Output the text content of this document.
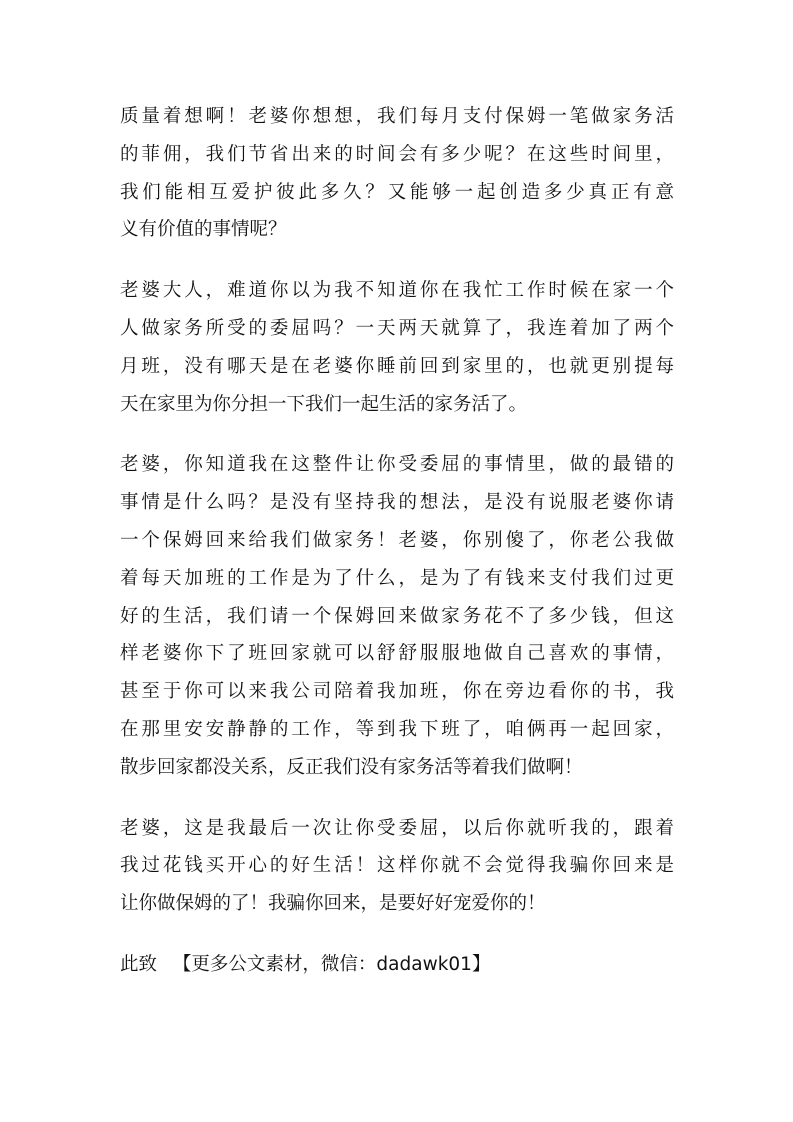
质量着想啊！老婆你想想，我们每月支付保姆一笔做家务活
的菲佣，我们节省出来的时间会有多少呢？在这些时间里，
我们能相互爱护彼此多久？又能够一起创造多少真正有意
义有价值的事情呢？
老婆大人，难道你以为我不知道你在我忙工作时候在家一个
人做家务所受的委屈吗？一天两天就算了，我连着加了两个
月班，没有哪天是在老婆你睡前回到家里的，也就更别提每
天在家里为你分担一下我们一起生活的家务活了。
老婆，你知道我在这整件让你受委屈的事情里，做的最错的
事情是什么吗？是没有坚持我的想法，是没有说服老婆你请
一个保姆回来给我们做家务！老婆，你别傻了，你老公我做
着每天加班的工作是为了什么，是为了有钱来支付我们过更
好的生活，我们请一个保姆回来做家务花不了多少钱，但这
样老婆你下了班回家就可以舒舒服服地做自己喜欢的事情，
甚至于你可以来我公司陪着我加班，你在旁边看你的书，我
在那里安安静静的工作，等到我下班了，咱俩再一起回家，
散步回家都没关系，反正我们没有家务活等着我们做啊！
老婆，这是我最后一次让你受委屈，以后你就听我的，跟着
我过花钱买开心的好生活！这样你就不会觉得我骗你回来是
让你做保姆的了！我骗你回来，是要好好宠爱你的！
此致 【更多公文素材，微信：dadawk01】
